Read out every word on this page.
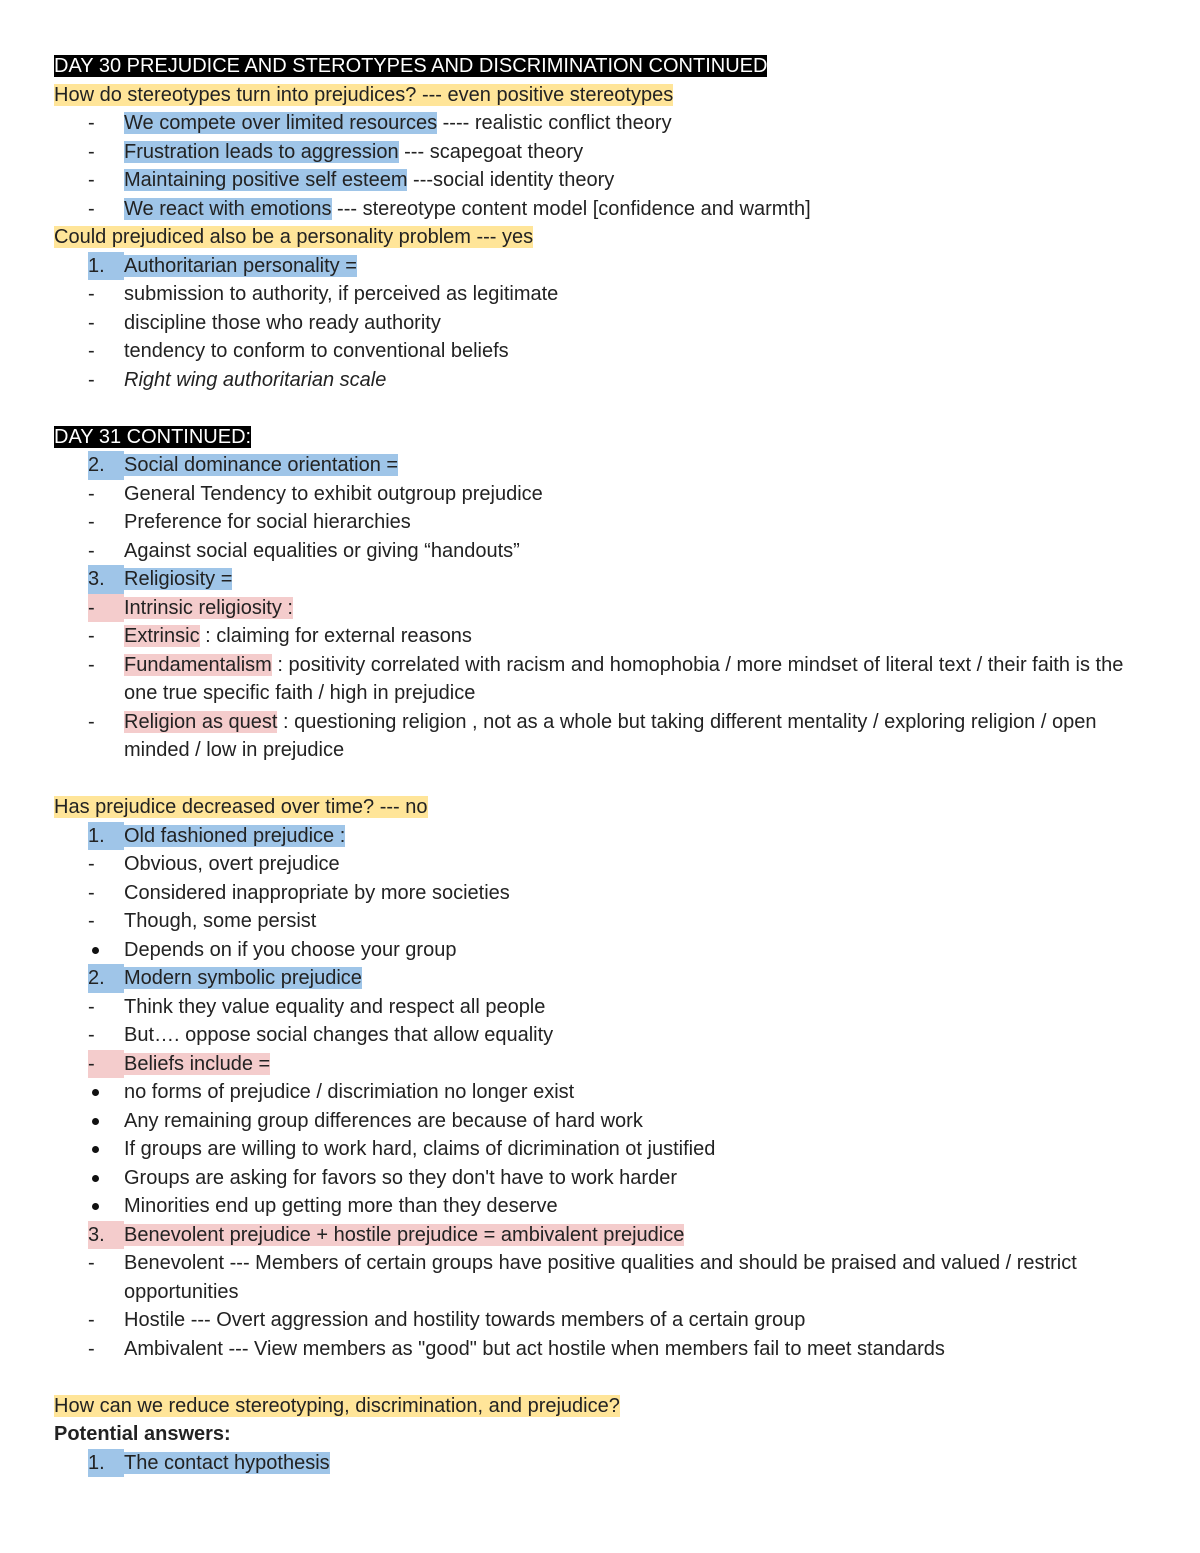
DAY 30 PREJUDICE AND STEROTYPES AND DISCRIMINATION CONTINUED
How do stereotypes turn into prejudices? --- even positive stereotypes
-	We compete over limited resources ---- realistic conflict theory
-	Frustration leads to aggression --- scapegoat theory
-	Maintaining positive self esteem ---social identity theory
-	We react with emotions --- stereotype content model [confidence and warmth]
Could prejudiced also be a personality problem --- yes
1. Authoritarian personality =
-	submission to authority, if perceived as legitimate
-	discipline those who ready authority
-	tendency to conform to conventional beliefs
-	Right wing authoritarian scale
DAY 31 CONTINUED:
2. Social dominance orientation =
-	General Tendency to exhibit outgroup prejudice
-	Preference for social hierarchies
-	Against social equalities or giving “handouts”
3. Religiosity =
-	Intrinsic religiosity :
-	Extrinsic : claiming for external reasons
-	Fundamentalism : positivity correlated with racism and homophobia / more mindset of literal text / their faith is the one true specific faith / high in prejudice
-	Religion as quest : questioning religion , not as a whole but taking different mentality / exploring religion / open minded / low in prejudice
Has prejudice decreased over time? --- no
1. Old fashioned prejudice :
-	Obvious, overt prejudice
-	Considered inappropriate by more societies
-	Though, some persist
Depends on if you choose your group
2. Modern symbolic prejudice
-	Think they value equality and respect all people
-	But…. oppose social changes that allow equality
-	Beliefs include =
no forms of prejudice / discrimiation no longer exist
Any remaining group differences are because of hard work
If groups are willing to work hard, claims of dicrimination ot justified
Groups are asking for favors so they don't have to work harder
Minorities end up getting more than they deserve
3. Benevolent prejudice + hostile prejudice = ambivalent prejudice
-	Benevolent --- Members of certain groups have positive qualities and should be praised and valued / restrict opportunities
-	Hostile --- Overt aggression and hostility towards members of a certain group
-	Ambivalent --- View members as "good" but act hostile when members fail to meet standards
How can we reduce stereotyping, discrimination, and prejudice?
Potential answers:
1. The contact hypothesis
